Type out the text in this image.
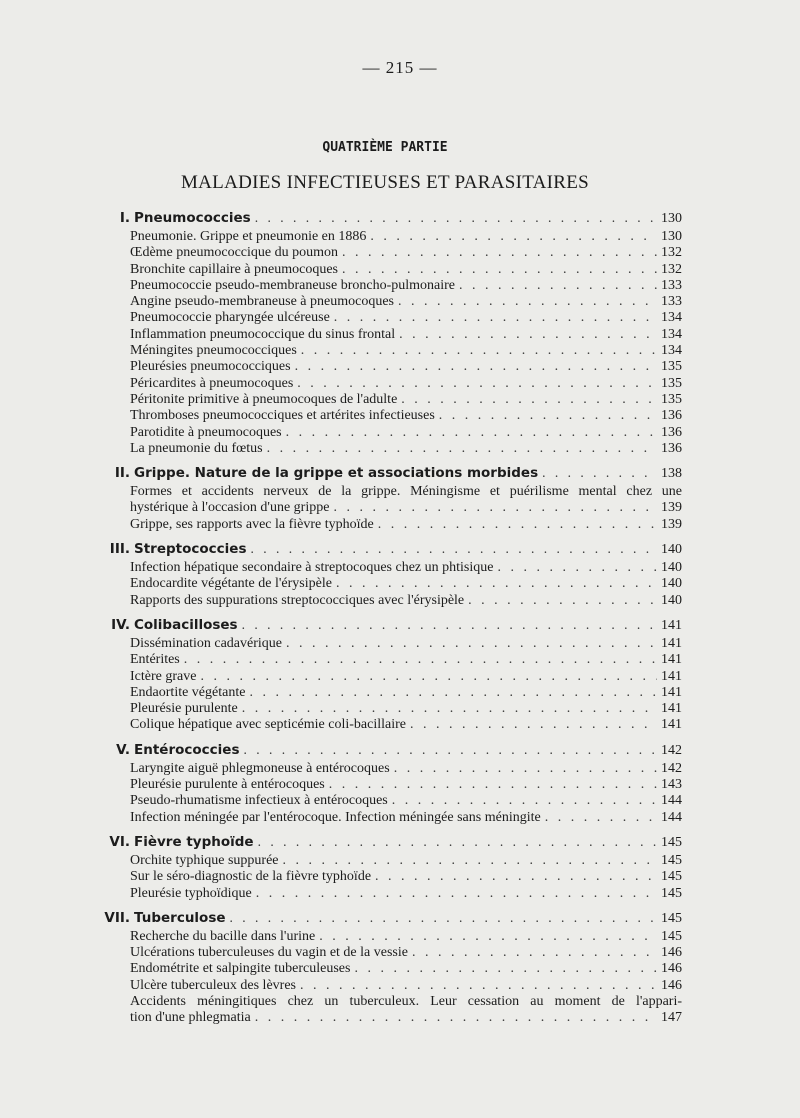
— 215 —
QUATRIÈME PARTIE
MALADIES INFECTIEUSES ET PARASITAIRES
I. Pneumococcies . . .	130
Pneumonie. Grippe et pneumonie en 1886 . . .	130
Œdème pneumococcique du poumon . . .	132
Bronchite capillaire à pneumocoques . . .	132
Pneumococcie pseudo-membraneuse broncho-pulmonaire . . .	133
Angine pseudo-membraneuse à pneumocoques . . .	133
Pneumococcie pharyngée ulcéreuse . . .	134
Inflammation pneumococcique du sinus frontal . . .	134
Méningites pneumococciques . . .	134
Pleurésies pneumococciques . . .	135
Péricardites à pneumocoques . . .	135
Péritonite primitive à pneumocoques de l'adulte . . .	135
Thromboses pneumococciques et artérites infectieuses . . .	136
Parotidite à pneumocoques . . .	136
La pneumonie du fœtus . . .	136
II. Grippe. Nature de la grippe et associations morbides . . .	138
Formes et accidents nerveux de la grippe. Méningisme et puérilisme mental chez une
hystérique à l'occasion d'une grippe . . .	139
Grippe, ses rapports avec la fièvre typhoïde . . .	139
III. Streptococcies . . .	140
Infection hépatique secondaire à streptocoques chez un phtisique . . .	140
Endocardite végétante de l'érysipèle . . .	140
Rapports des suppurations streptococciques avec l'érysipèle . . .	140
IV. Colibacilloses . . .	141
Dissémination cadavérique . . .	141
Entérites . . .	141
Ictère grave . . .	141
Endaortite végétante . . .	141
Pleurésie purulente . . .	141
Colique hépatique avec septicémie coli-bacillaire . . .	141
V. Entérococcies . . .	142
Laryngite aiguë phlegmoneuse à entérocoques . . .	142
Pleurésie purulente à entérocoques . . .	143
Pseudo-rhumatisme infectieux à entérocoques . . .	144
Infection méningée par l'entérocoque. Infection méningée sans méningite . . .	144
VI. Fièvre typhoïde . . .	145
Orchite typhique suppurée . . .	145
Sur le séro-diagnostic de la fièvre typhoïde . . .	145
Pleurésie typhoïdique . . .	145
VII. Tuberculose . . .	145
Recherche du bacille dans l'urine . . .	145
Ulcérations tuberculeuses du vagin et de la vessie . . .	146
Endométrite et salpingite tuberculeuses . . .	146
Ulcère tuberculeux des lèvres . . .	146
Accidents méningitiques chez un tuberculeux. Leur cessation au moment de l'appari-
tion d'une phlegmatia . . .	147
